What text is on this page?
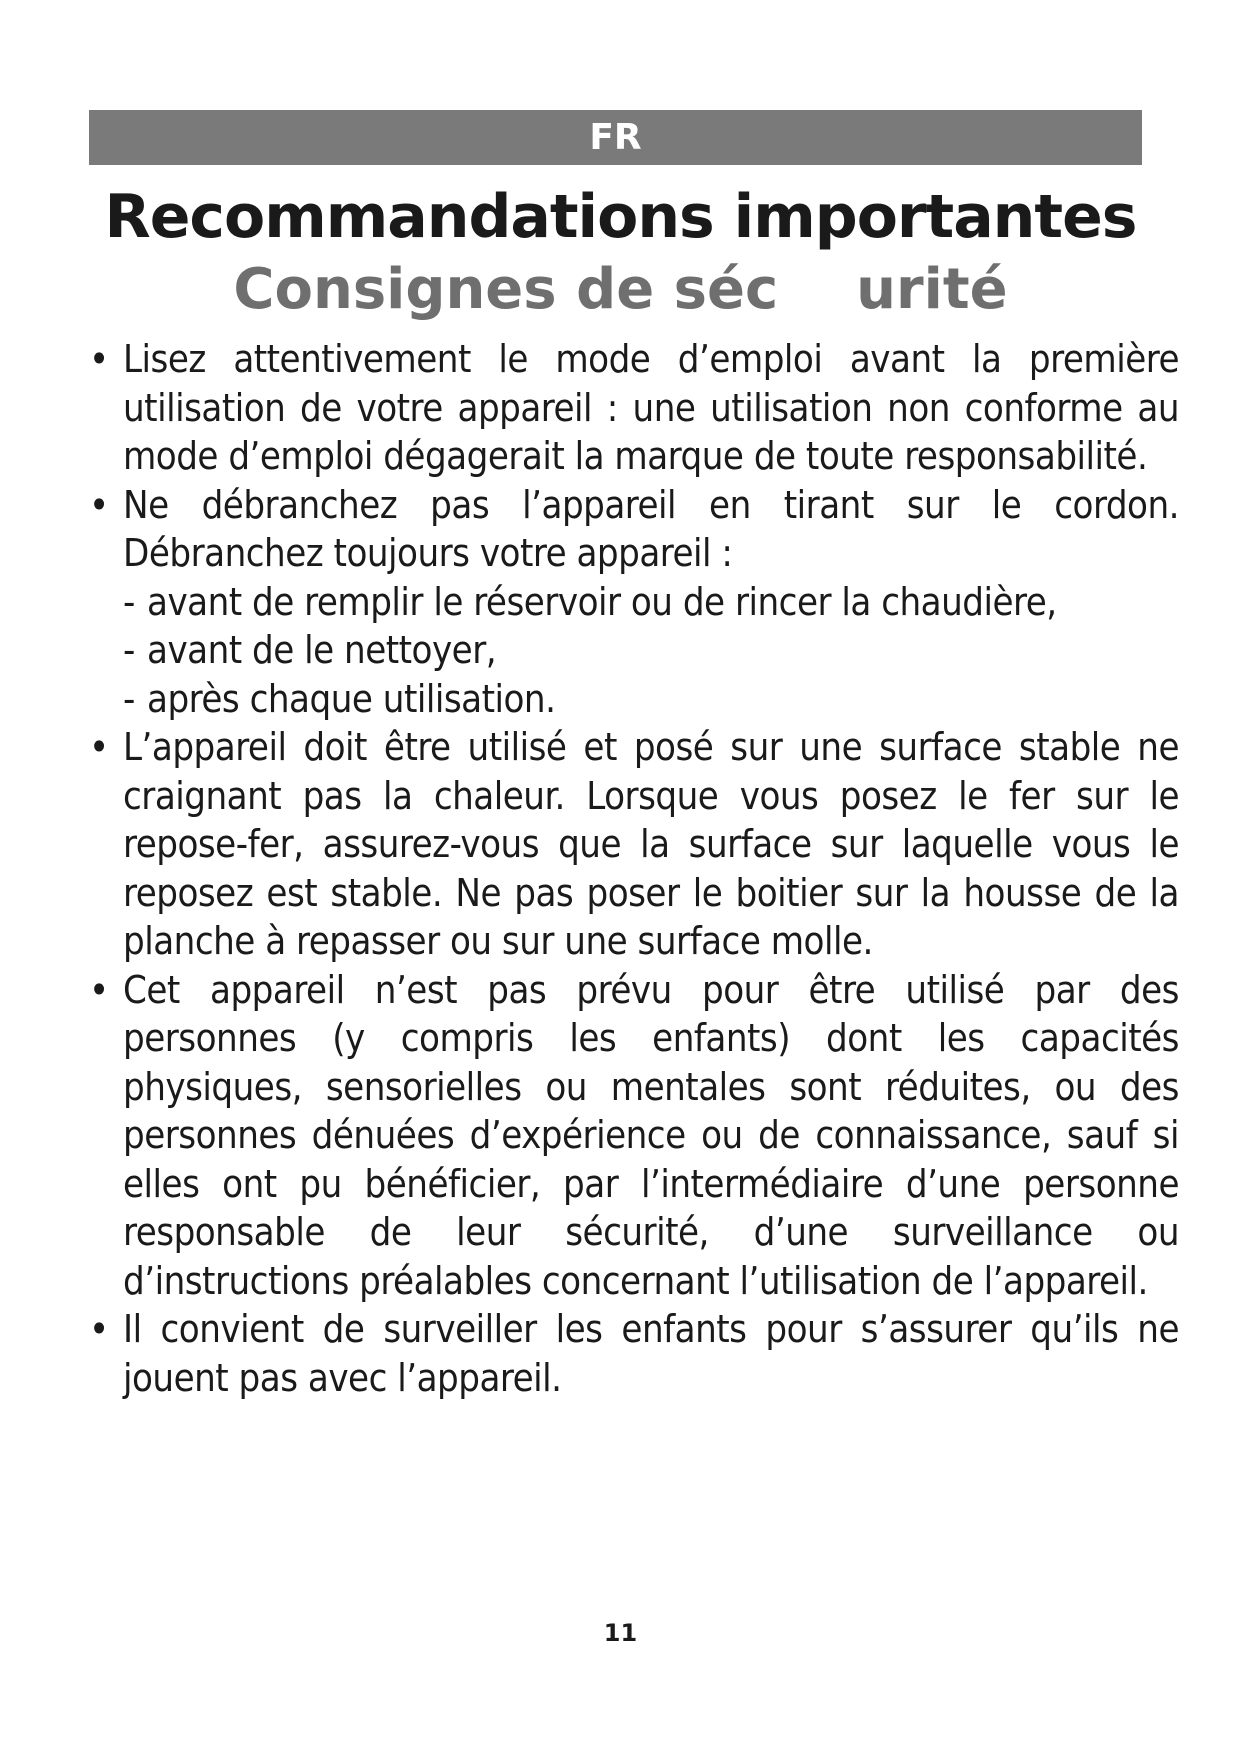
FR
Recommandations importantes
Consignes de séc    urité

• Lisez attentivement le mode d’emploi avant la première utilisation de votre appareil : une utilisation non conforme au mode d’emploi dégagerait la marque de toute responsabilité.

• Ne débranchez pas l’appareil en tirant sur le cordon. Débranchez toujours votre appareil :

- avant de remplir le réservoir ou de rincer la chaudière,

- avant de le nettoyer,

- après chaque utilisation.

• L’appareil doit être utilisé et posé sur une surface stable ne craignant pas la chaleur. Lorsque vous posez le fer sur le repose-fer, assurez-vous que la surface sur laquelle vous le reposez est stable. Ne pas poser le boitier sur la housse de la planche à repasser ou sur une surface molle.

• Cet appareil n’est pas prévu pour être utilisé par des personnes (y compris les enfants) dont les capacités physiques, sensorielles ou mentales sont réduites, ou des personnes dénuées d’expérience ou de connaissance, sauf si elles ont pu bénéficier, par l’intermédiaire d’une personne responsable de leur sécurité, d’une surveillance ou d’instructions préalables concernant l’utilisation de l’appareil.

• Il convient de surveiller les enfants pour s’assurer qu’ils ne jouent pas avec l’appareil.

11
